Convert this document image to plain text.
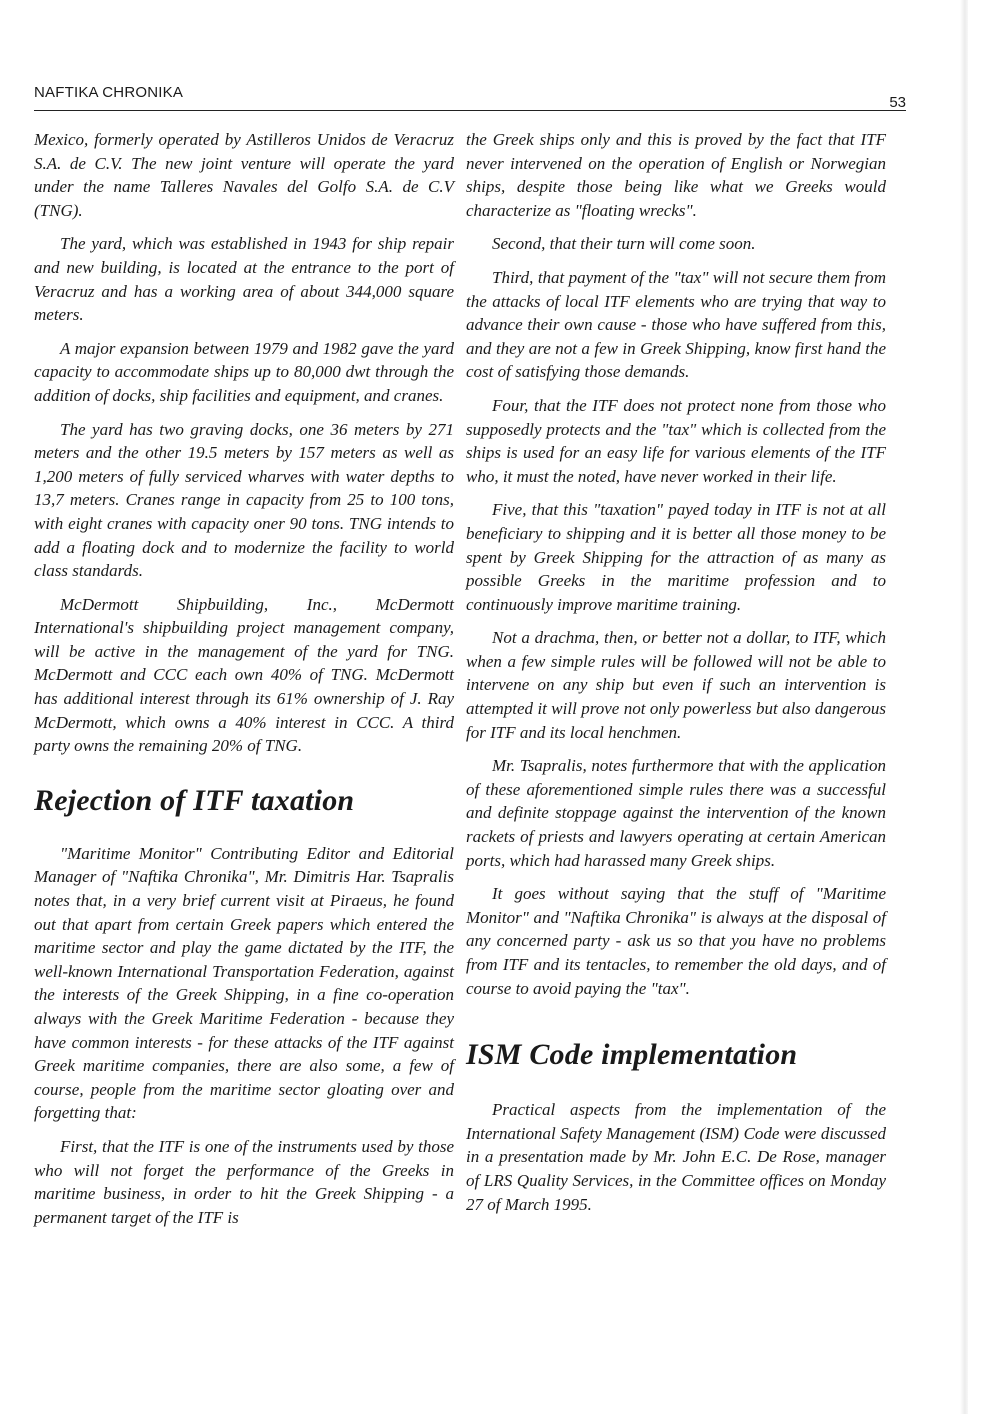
NAFTIKA CHRONIKA
53

Mexico, formerly operated by Astilleros Unidos de Veracruz S.A. de C.V. The new joint venture will operate the yard under the name Talleres Navales del Golfo S.A. de C.V (TNG).

The yard, which was established in 1943 for ship repair and new building, is located at the entrance to the port of Veracruz and has a working area of about 344,000 square meters.

A major expansion between 1979 and 1982 gave the yard capacity to accommodate ships up to 80,000 dwt through the addition of docks, ship facilities and equipment, and cranes.

The yard has two graving docks, one 36 meters by 271 meters and the other 19.5 meters by 157 meters as well as 1,200 meters of fully serviced wharves with water depths to 13,7 meters. Cranes range in capacity from 25 to 100 tons, with eight cranes with capacity oner 90 tons. TNG intends to add a floating dock and to modernize the facility to world class standards.

McDermott Shipbuilding, Inc., McDermott International's shipbuilding project management company, will be active in the management of the yard for TNG. McDermott and CCC each own 40% of TNG. McDermott has additional interest through its 61% ownership of J. Ray McDermott, which owns a 40% interest in CCC. A third party owns the remaining 20% of TNG.

Rejection of ITF taxation

"Maritime Monitor" Contributing Editor and Editorial Manager of "Naftika Chronika", Mr. Dimitris Har. Tsapralis notes that, in a very brief current visit at Piraeus, he found out that apart from certain Greek papers which entered the maritime sector and play the game dictated by the ITF, the well-known International Transportation Federation, against the interests of the Greek Shipping, in a fine co-operation always with the Greek Maritime Federation - because they have common interests - for these attacks of the ITF against Greek maritime companies, there are also some, a few of course, people from the maritime sector gloating over and forgetting that:

First, that the ITF is one of the instruments used by those who will not forget the performance of the Greeks in maritime business, in order to hit the Greek Shipping - a permanent target of the ITF is

the Greek ships only and this is proved by the fact that ITF never intervened on the operation of English or Norwegian ships, despite those being like what we Greeks would characterize as "floating wrecks".

Second, that their turn will come soon.

Third, that payment of the "tax" will not secure them from the attacks of local ITF elements who are trying that way to advance their own cause - those who have suffered from this, and they are not a few in Greek Shipping, know first hand the cost of satisfying those demands.

Four, that the ITF does not protect none from those who supposedly protects and the "tax" which is collected from the ships is used for an easy life for various elements of the ITF who, it must the noted, have never worked in their life.

Five, that this "taxation" payed today in ITF is not at all beneficiary to shipping and it is better all those money to be spent by Greek Shipping for the attraction of as many as possible Greeks in the maritime profession and to continuously improve maritime training.

Not a drachma, then, or better not a dollar, to ITF, which when a few simple rules will be followed will not be able to intervene on any ship but even if such an intervention is attempted it will prove not only powerless but also dangerous for ITF and its local henchmen.

Mr. Tsapralis, notes furthermore that with the application of these aforementioned simple rules there was a successful and definite stoppage against the intervention of the known rackets of priests and lawyers operating at certain American ports, which had harassed many Greek ships.

It goes without saying that the stuff of "Maritime Monitor" and "Naftika Chronika" is always at the disposal of any concerned party - ask us so that you have no problems from ITF and its tentacles, to remember the old days, and of course to avoid paying the "tax".

ISM Code implementation

Practical aspects from the implementation of the International Safety Management (ISM) Code were discussed in a presentation made by Mr. John E.C. De Rose, manager of LRS Quality Services, in the Committee offices on Monday 27 of March 1995.
